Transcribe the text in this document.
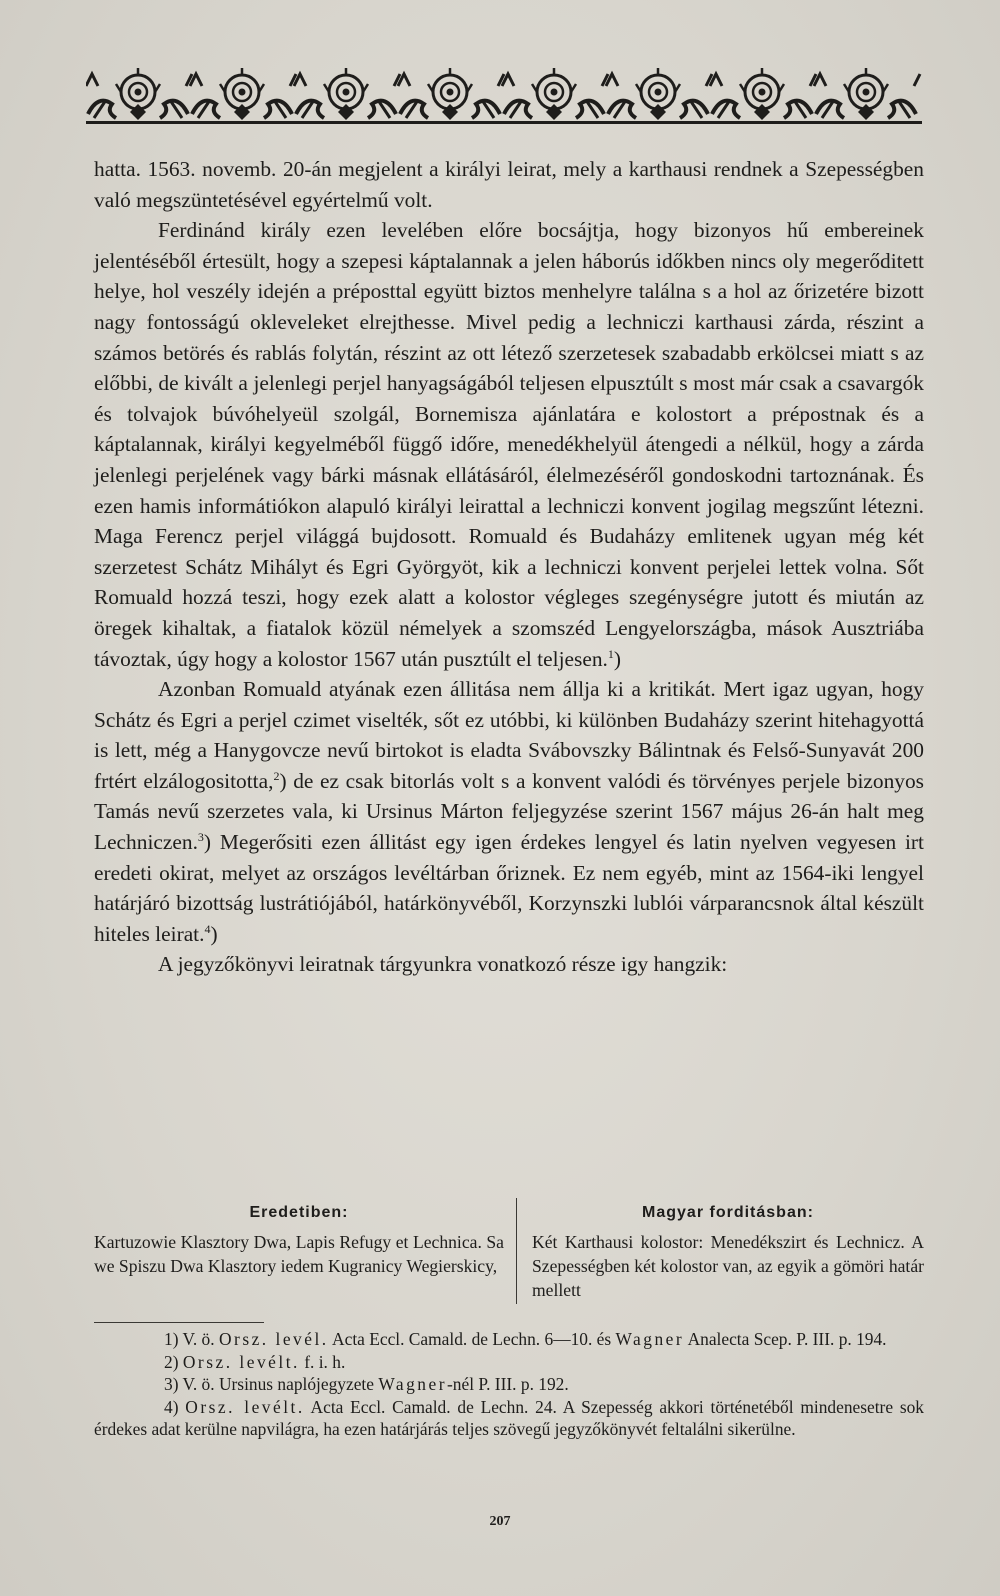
hatta. 1563. novemb. 20-án megjelent a királyi leirat, mely a karthausi rendnek a Szepességben való megszüntetésével egyértelmű volt.

Ferdinánd király ezen levelében előre bocsájtja, hogy bizonyos hű embereinek jelentéséből értesült, hogy a szepesi káptalannak a jelen háborús időkben nincs oly megerőditett helye, hol veszély idején a préposttal együtt biztos menhelyre találna s a hol az őrizetére bizott nagy fontosságú okleveleket elrejthesse. Mivel pedig a lechniczi karthausi zárda, részint a számos betörés és rablás folytán, részint az ott létező szerzetesek szabadabb erkölcsei miatt s az előbbi, de kivált a jelenlegi perjel hanyagságából teljesen elpusztúlt s most már csak a csavargók és tolvajok búvóhelyeül szolgál, Bornemisza ajánlatára e kolostort a prépostnak és a káptalannak, királyi kegyelméből függő időre, menedékhelyül átengedi a nélkül, hogy a zárda jelenlegi perjelének vagy bárki másnak ellátásáról, élelmezéséről gondoskodni tartoznának. És ezen hamis informátiókon alapuló királyi leirattal a lechniczi konvent jogilag megszűnt létezni. Maga Ferencz perjel világgá bujdosott. Romuald és Budaházy emlitenek ugyan még két szerzetest Schátz Mihályt és Egri Györgyöt, kik a lechniczi konvent perjelei lettek volna. Sőt Romuald hozzá teszi, hogy ezek alatt a kolostor végleges szegénységre jutott és miután az öregek kihaltak, a fiatalok közül némelyek a szomszéd Lengyelországba, mások Ausztriába távoztak, úgy hogy a kolostor 1567 után pusztúlt el teljesen.$^1$)

Azonban Romuald atyának ezen állitása nem állja ki a kritikát. Mert igaz ugyan, hogy Schátz és Egri a perjel czimet viselték, sőt ez utóbbi, ki különben Budaházy szerint hitehagyottá is lett, még a Hanygovcze nevű birtokot is eladta Svábovszky Bálintnak és Felső-Sunyavát 200 frtért elzálogositotta,$^2$) de ez csak bitorlás volt s a konvent valódi és törvényes perjele bizonyos Tamás nevű szerzetes vala, ki Ursinus Márton feljegyzése szerint 1567 május 26-án halt meg Lechniczen.$^3$) Megerősiti ezen állitást egy igen érdekes lengyel és latin nyelven vegyesen irt eredeti okirat, melyet az országos levéltárban őriznek. Ez nem egyéb, mint az 1564-iki lengyel határjáró bizottság lustrátiójából, határkönyvéből, Korzynszki lublói várparancsnok által készült hiteles leirat.$^4$)

A jegyzőkönyvi leiratnak tárgyunkra vonatkozó része igy hangzik:

Eredetiben:
Kartuzowie Klasztory Dwa, Lapis Refugy et Lechnica. Sa we Spiszu Dwa Klasztory iedem Kugranicy Wegierskicy,
Magyar forditásban:
Két Karthausi kolostor: Menedékszirt és Lechnicz. A Szepességben két kolostor van, az egyik a gömöri határ mellett

1) V. ö. Orsz. levél. Acta Eccl. Camald. de Lechn. 6—10. és Wagner Analecta Scep. P. III. p. 194.

2) Orsz. levélt. f. i. h.

3) V. ö. Ursinus naplójegyzete Wagner-nél P. III. p. 192.

4) Orsz. levélt. Acta Eccl. Camald. de Lechn. 24. A Szepesség akkori történetéből mindenesetre sok érdekes adat kerülne napvilágra, ha ezen határjárás teljes szövegű jegyzőkönyvét feltalálni sikerülne.

207
